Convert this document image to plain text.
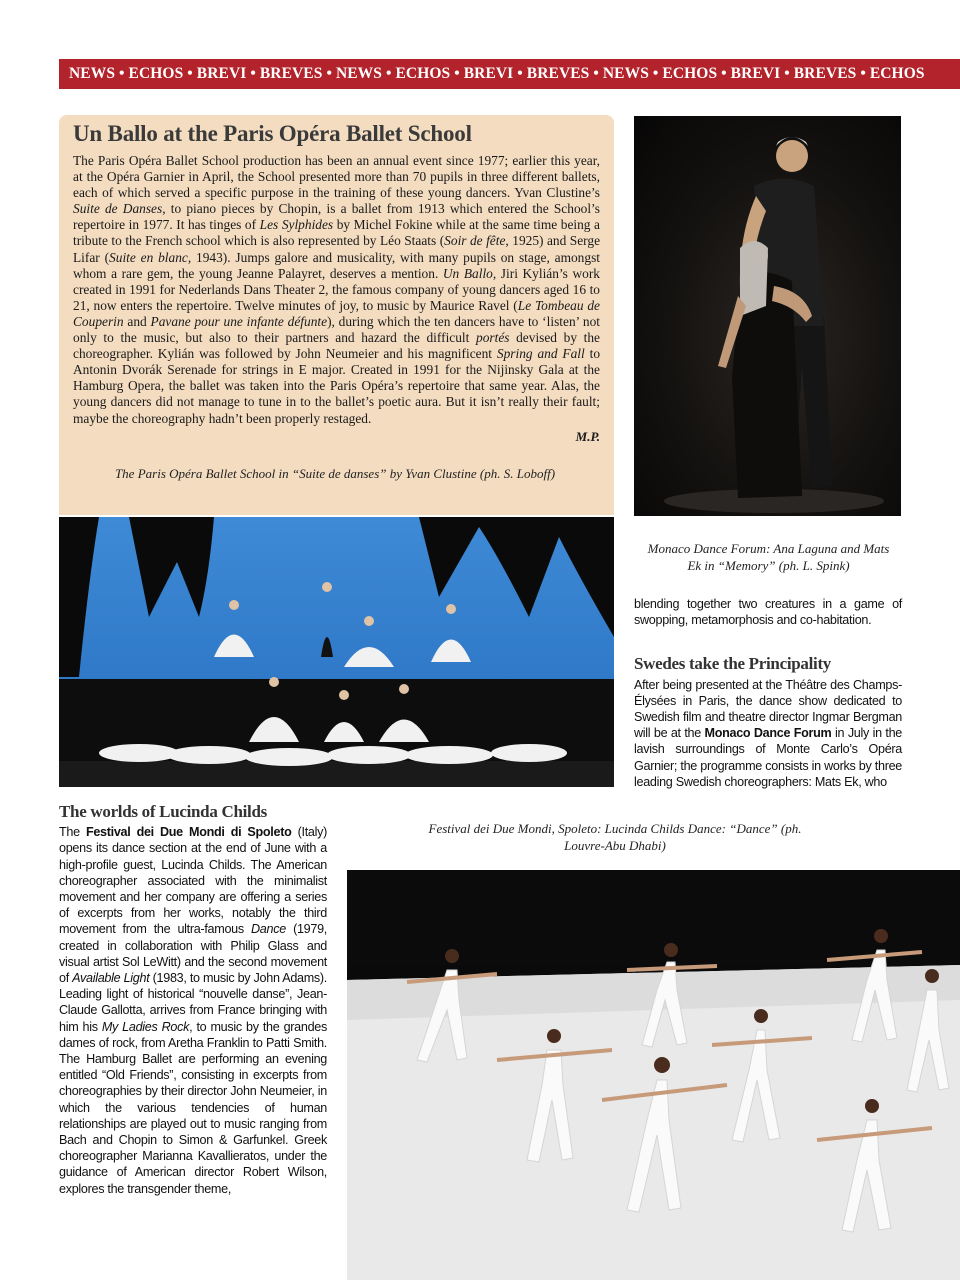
NEWS • ECHOS • BREVI • BREVES • NEWS • ECHOS • BREVI • BREVES • NEWS • ECHOS • BREVI • BREVES • ECHOS
Un Ballo at the Paris Opéra Ballet School

The Paris Opéra Ballet School production has been an annual event since 1977; earlier this year, at the Opéra Garnier in April, the School presented more than 70 pupils in three different ballets, each of which served a specific purpose in the training of these young dancers. Yvan Clustine’s Suite de Danses, to piano pieces by Chopin, is a ballet from 1913 which entered the School’s repertoire in 1977. It has tinges of Les Sylphides by Michel Fokine while at the same time being a tribute to the French school which is also represented by Léo Staats (Soir de fête, 1925) and Serge Lifar (Suite en blanc, 1943). Jumps galore and musicality, with many pupils on stage, amongst whom a rare gem, the young Jeanne Palayret, deserves a mention. Un Ballo, Jiri Kylián’s work created in 1991 for Nederlands Dans Theater 2, the famous company of young dancers aged 16 to 21, now enters the repertoire. Twelve minutes of joy, to music by Maurice Ravel (Le Tombeau de Couperin and Pavane pour une infante défunte), during which the ten dancers have to ‘listen’ not only to the music, but also to their partners and hazard the difficult portés devised by the choreographer. Kylián was followed by John Neumeier and his magnificent Spring and Fall to Antonin Dvorák Serenade for strings in E major. Created in 1991 for the Nijinsky Gala at the Hamburg Opera, the ballet was taken into the Paris Opéra’s repertoire that same year. Alas, the young dancers did not manage to tune in to the ballet’s poetic aura. But it isn’t really their fault; maybe the choreography hadn’t been properly restaged.

M.P.
The Paris Opéra Ballet School in “Suite de danses” by Yvan Clustine (ph. S. Loboff)
Monaco Dance Forum: Ana Laguna and Mats Ek in “Memory” (ph. L. Spink)

blending together two creatures in a game of swopping, metamorphosis and co-habitation.

Swedes take the Principality

After being presented at the Théâtre des Champs-Élysées in Paris, the dance show dedicated to Swedish film and theatre director Ingmar Bergman will be at the Monaco Dance Forum in July in the lavish surroundings of Monte Carlo’s Opéra Garnier; the programme consists in works by three leading Swedish choreographers: Mats Ek, who

The worlds of Lucinda Childs

The Festival dei Due Mondi di Spoleto (Italy) opens its dance section at the end of June with a high-profile guest, Lucinda Childs. The American choreographer associated with the minimalist movement and her company are offering a series of excerpts from her works, notably the third movement from the ultra-famous Dance (1979, created in collaboration with Philip Glass and visual artist Sol LeWitt) and the second movement of Available Light (1983, to music by John Adams). Leading light of historical “nouvelle danse”, Jean-Claude Gallotta, arrives from France bringing with him his My Ladies Rock, to music by the grandes dames of rock, from Aretha Franklin to Patti Smith. The Hamburg Ballet are performing an evening entitled “Old Friends”, consisting in excerpts from choreographies by their director John Neumeier, in which the various tendencies of human relationships are played out to music ranging from Bach and Chopin to Simon & Garfunkel. Greek choreographer Marianna Kavallieratos, under the guidance of American director Robert Wilson, explores the transgender theme,

Festival dei Due Mondi, Spoleto: Lucinda Childs Dance: “Dance” (ph. Louvre-Abu Dhabi)
